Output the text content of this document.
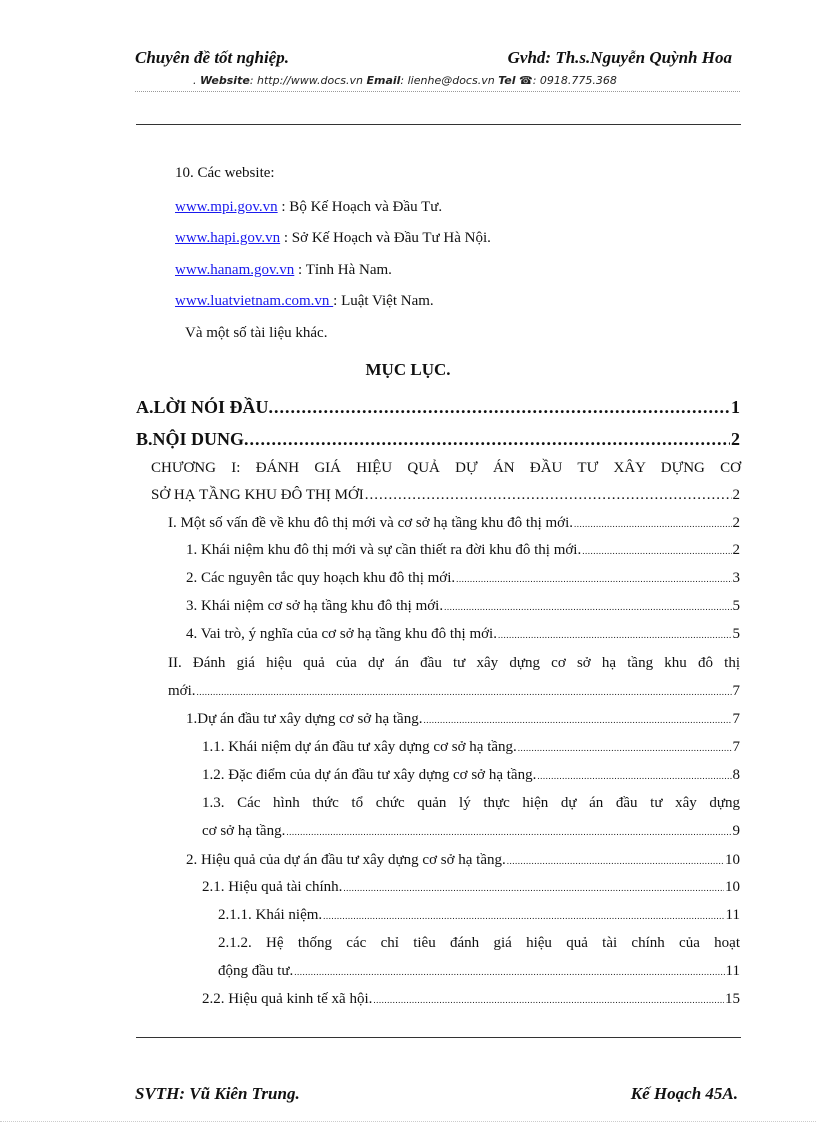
Chuyên đề tốt nghiệp.	Gvhd: Th.s.Nguyễn Quỳnh Hoa
. Website: http://www.docs.vn Email: lienhe@docs.vn Tel ☎: 0918.775.368
10. Các website:
www.mpi.gov.vn : Bộ Kế Hoạch và Đầu Tư.
www.hapi.gov.vn : Sở Kế Hoạch và Đầu Tư Hà Nội.
www.hanam.gov.vn : Tỉnh Hà Nam.
www.luatvietnam.com.vn : Luật Việt Nam.
Và một số tài liệu khác.
MỤC LỤC.
A.LỜI NÓI ĐẦU. .....	1
B.NỘI DUNG. .....	2
CHƯƠNG I: ĐÁNH GIÁ HIỆU QUẢ DỰ ÁN ĐẦU TƯ XÂY DỰNG CƠ
SỞ HẠ TẦNG KHU ĐÔ THỊ MỚI .....	2
I. Một số vấn đề về khu đô thị mới và cơ sở hạ tầng khu đô thị mới. .....	2
1. Khái niệm khu đô thị mới và sự cần thiết ra đời khu đô thị mới. .....	2
2. Các nguyên tắc quy hoạch khu đô thị mới. .....	3
3. Khái niệm cơ sở hạ tầng khu đô thị mới. .....	5
4. Vai trò, ý nghĩa của cơ sở hạ tầng khu đô thị mới. .....	5
II. Đánh giá hiệu quả của dự án đầu tư xây dựng cơ sở hạ tầng khu đô thị
mới. .....	7
1.Dự án đầu tư xây dựng cơ sở hạ tầng. .....	7
1.1. Khái niệm dự án đầu tư xây dựng cơ sở hạ tầng. .....	7
1.2. Đặc điểm của dự án đầu tư xây dựng cơ sở hạ tầng. .....	8
1.3. Các hình thức tổ chức quản lý thực hiện dự án đầu tư xây dựng
cơ sở hạ tầng. .....	9
2. Hiệu quả của dự án đầu tư xây dựng cơ sở hạ tầng. .....	10
2.1. Hiệu quả tài chính. .....	10
2.1.1. Khái niệm. .....	11
2.1.2. Hệ thống các chỉ tiêu đánh giá hiệu quả tài chính của hoạt
động đầu tư. .....	11
2.2. Hiệu quả kinh tế xã hội. .....	15
SVTH: Vũ Kiên Trung.	Kế Hoạch 45A.
